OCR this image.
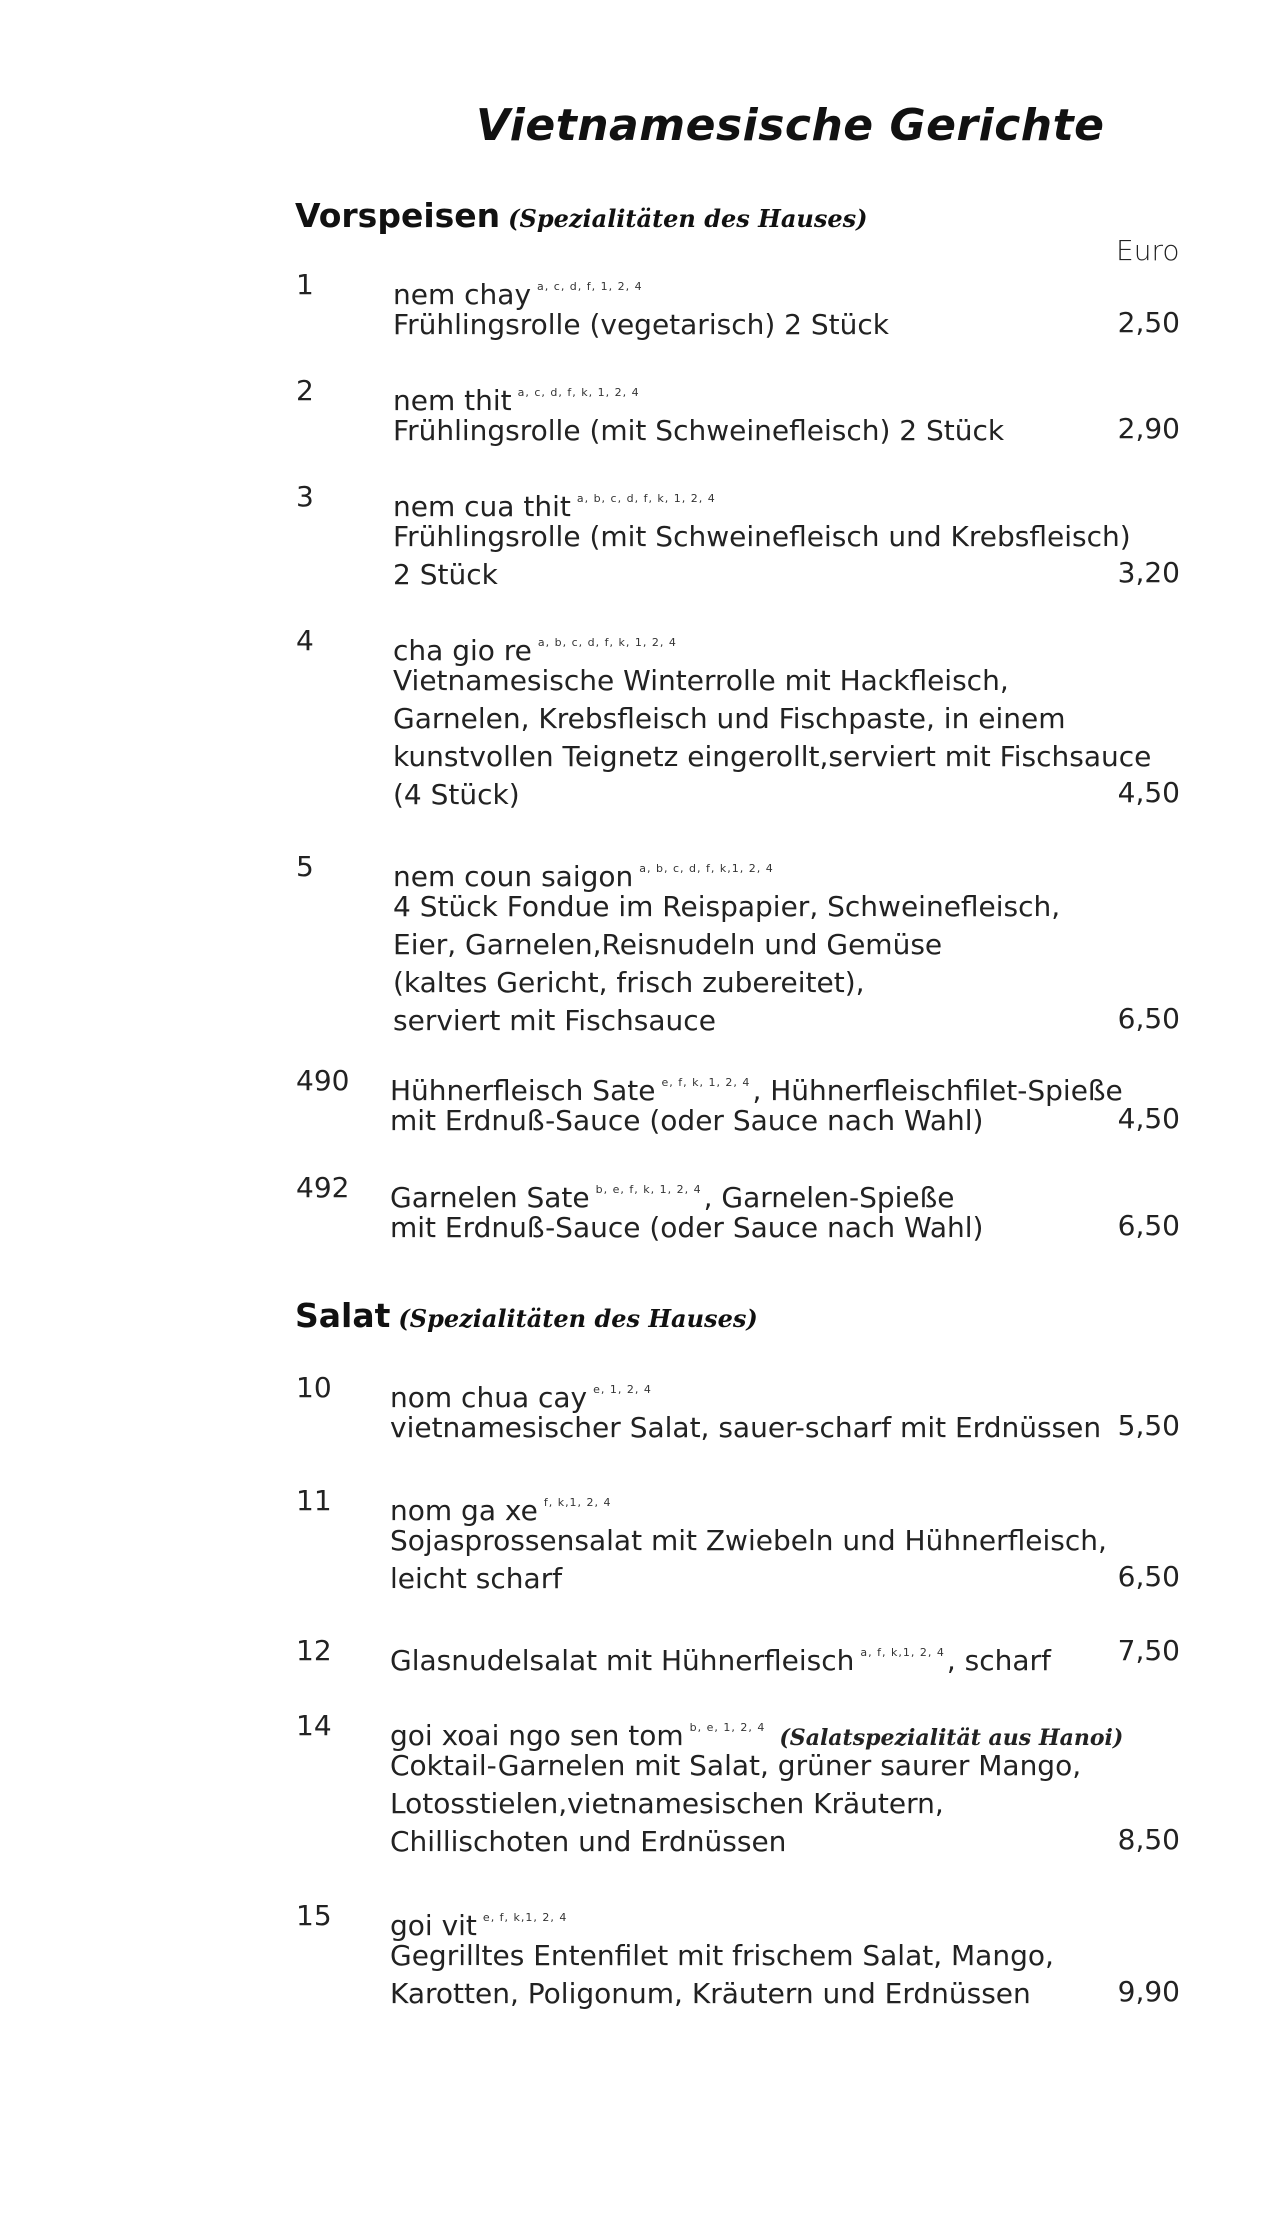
Vietnamesische Gerichte
Vorspeisen (Spezialitäten des Hauses)
Euro
Salat (Spezialitäten des Hauses)
1	nem chay $^{a, c, d, f, 1, 2, 4}$
Frühlingsrolle (vegetarisch) 2 Stück	2,50
2	nem thit $^{a, c, d, f, k, 1, 2, 4}$
Frühlingsrolle (mit Schweinefleisch) 2 Stück	2,90
3	nem cua thit $^{a, b, c, d, f, k, 1, 2, 4}$
Frühlingsrolle (mit Schweinefleisch und Krebsfleisch)
2 Stück	3,20
4	cha gio re $^{a, b, c, d, f, k, 1, 2, 4}$
Vietnamesische Winterrolle mit Hackfleisch,
Garnelen, Krebsfleisch und Fischpaste, in einem
kunstvollen Teignetz eingerollt,serviert mit Fischsauce
(4 Stück)	4,50
5	nem coun saigon $^{a, b, c, d, f, k,1, 2, 4}$
4 Stück Fondue im Reispapier, Schweinefleisch,
Eier, Garnelen,Reisnudeln und Gemüse
(kaltes Gericht, frisch zubereitet),
serviert mit Fischsauce	6,50
490 Hühnerfleisch Sate $^{e, f, k, 1, 2, 4}$, Hühnerfleischfilet-Spieße
mit Erdnuß-Sauce (oder Sauce nach Wahl)	4,50
492 Garnelen Sate $^{b, e, f, k, 1, 2, 4}$, Garnelen-Spieße
mit Erdnuß-Sauce (oder Sauce nach Wahl)	6,50
10 nom chua cay $^{e, 1, 2, 4}$
vietnamesischer Salat, sauer-scharf mit Erdnüssen 5,50
11 nom ga xe $^{f, k,1, 2, 4}$
Sojasprossensalat mit Zwiebeln und Hühnerfleisch,
leicht scharf	6,50
12 Glasnudelsalat mit Hühnerfleisch $^{a, f, k,1, 2, 4}$, scharf 7,50
14 goi xoai ngo sen tom $^{b, e, 1, 2, 4}$ (Salatspezialität aus Hanoi)
Coktail-Garnelen mit Salat, grüner saurer Mango,
Lotosstielen,vietnamesischen Kräutern,
Chillischoten und Erdnüssen	8,50
15 goi vit $^{e, f, k,1, 2, 4}$
Gegrilltes Entenfilet mit frischem Salat, Mango,
Karotten, Poligonum, Kräutern und Erdnüssen	9,90
